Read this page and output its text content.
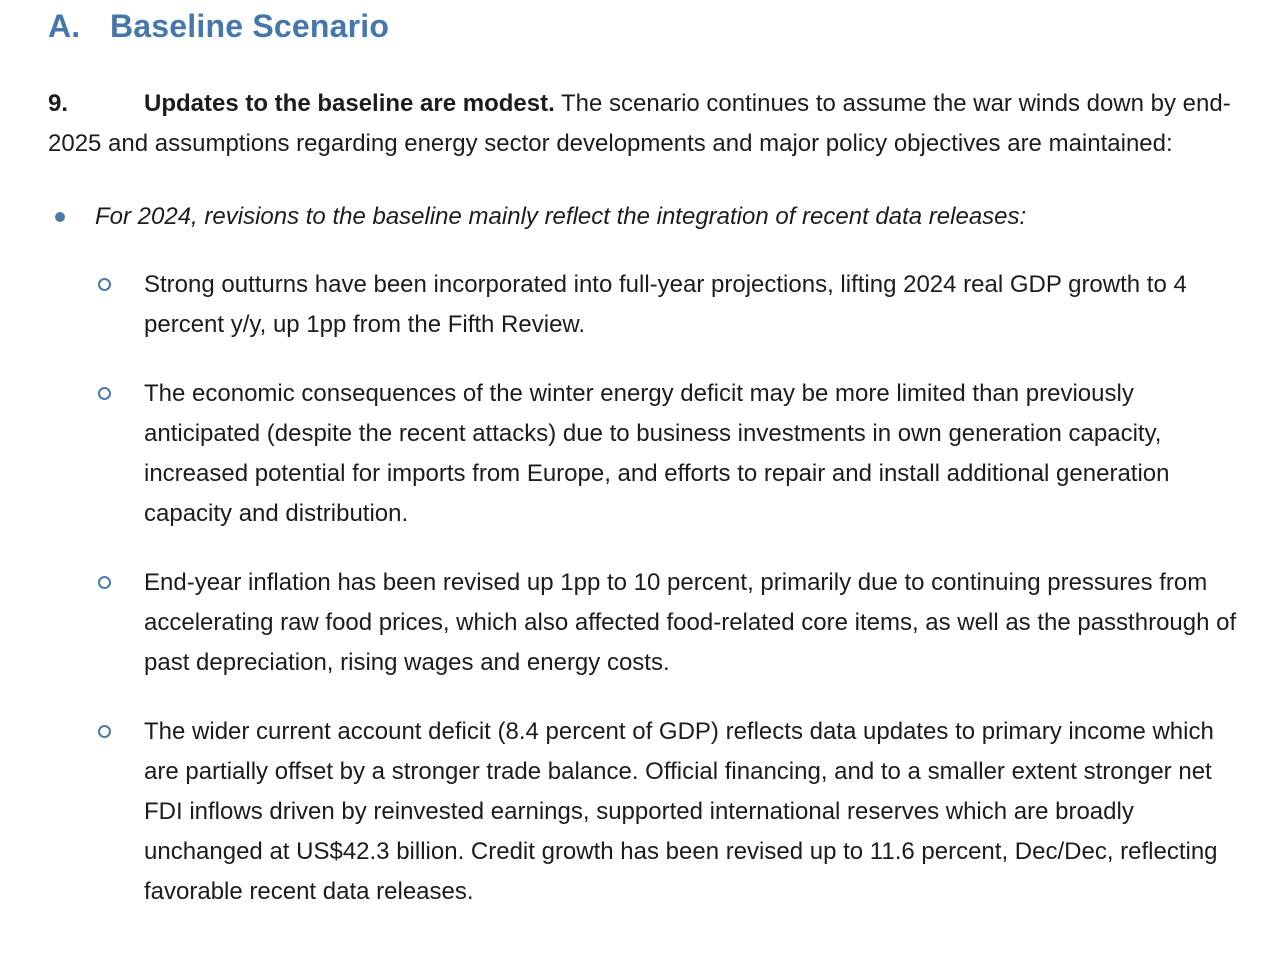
A. Baseline Scenario

9.	Updates to the baseline are modest. The scenario continues to assume the war winds down by end-2025 and assumptions regarding energy sector developments and major policy objectives are maintained:

For 2024, revisions to the baseline mainly reflect the integration of recent data releases:
Strong outturns have been incorporated into full-year projections, lifting 2024 real GDP growth to 4 percent y/y, up 1pp from the Fifth Review.
The economic consequences of the winter energy deficit may be more limited than previously anticipated (despite the recent attacks) due to business investments in own generation capacity, increased potential for imports from Europe, and efforts to repair and install additional generation capacity and distribution.
End-year inflation has been revised up 1pp to 10 percent, primarily due to continuing pressures from accelerating raw food prices, which also affected food-related core items, as well as the passthrough of past depreciation, rising wages and energy costs.
The wider current account deficit (8.4 percent of GDP) reflects data updates to primary income which are partially offset by a stronger trade balance. Official financing, and to a smaller extent stronger net FDI inflows driven by reinvested earnings, supported international reserves which are broadly unchanged at US$42.3 billion. Credit growth has been revised up to 11.6 percent, Dec/Dec, reflecting favorable recent data releases.
